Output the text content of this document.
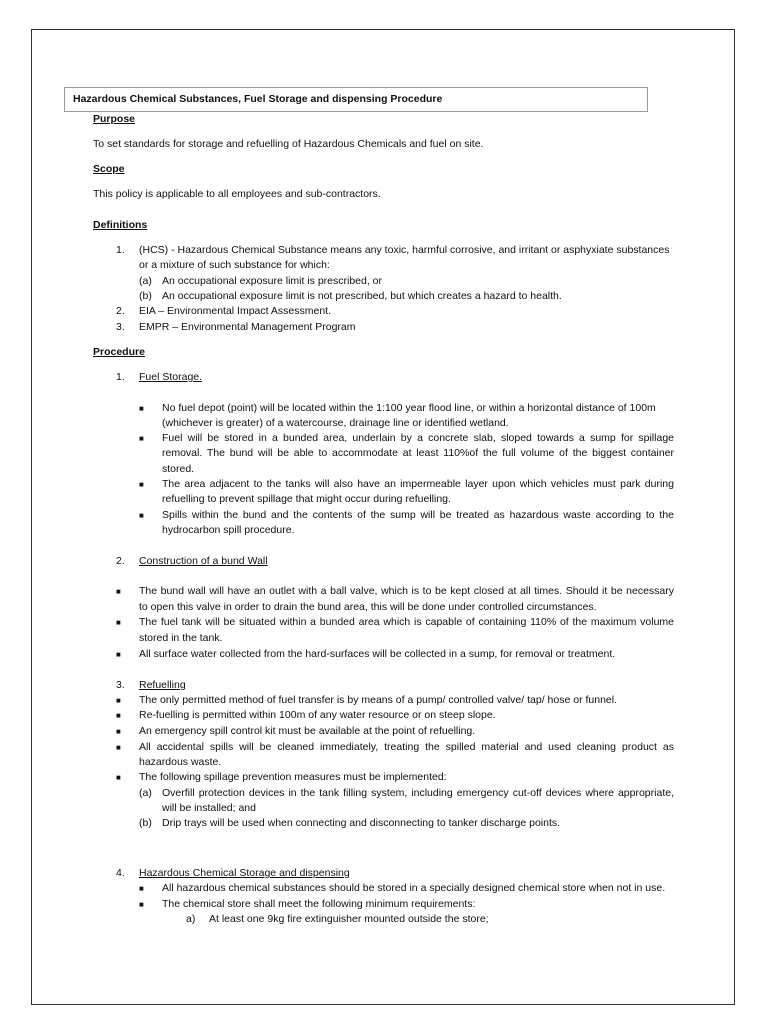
Hazardous Chemical Substances, Fuel Storage and dispensing Procedure
Purpose
To set standards for storage and refuelling of Hazardous Chemicals and fuel on site.
Scope
This policy is applicable to all employees and sub-contractors.
Definitions
1. (HCS) - Hazardous Chemical Substance means any toxic, harmful corrosive, and irritant or asphyxiate substances
or a mixture of such substance for which:
(a) An occupational exposure limit is prescribed, or
(b) An occupational exposure limit is not prescribed, but which creates a hazard to health.
2. EIA – Environmental Impact Assessment.
3. EMPR – Environmental Management Program
Procedure
1. Fuel Storage.
■ No fuel depot (point) will be located within the 1:100 year flood line, or within a horizontal distance of 100m
(whichever is greater) of a watercourse, drainage line or identified wetland.
■ Fuel will be stored in a bunded area, underlain by a concrete slab, sloped towards a sump for spillage
removal. The bund will be able to accommodate at least 110%of the full volume of the biggest container
stored.
■ The area adjacent to the tanks will also have an impermeable layer upon which vehicles must park during
refuelling to prevent spillage that might occur during refuelling.
■ Spills within the bund and the contents of the sump will be treated as hazardous waste according to the
hydrocarbon spill procedure.
2. Construction of a bund Wall
■ The bund wall will have an outlet with a ball valve, which is to be kept closed at all times. Should it be necessary
to open this valve in order to drain the bund area, this will be done under controlled circumstances.
■ The fuel tank will be situated within a bunded area which is capable of containing 110% of the maximum volume
stored in the tank.
■ All surface water collected from the hard-surfaces will be collected in a sump, for removal or treatment.
3. Refuelling
■ The only permitted method of fuel transfer is by means of a pump/ controlled valve/ tap/ hose or funnel.
■ Re-fuelling is permitted within 100m of any water resource or on steep slope.
■ An emergency spill control kit must be available at the point of refuelling.
■ All accidental spills will be cleaned immediately, treating the spilled material and used cleaning product as
hazardous waste.
■ The following spillage prevention measures must be implemented:
(a) Overfill protection devices in the tank filling system, including emergency cut-off devices where appropriate,
will be installed; and
(b) Drip trays will be used when connecting and disconnecting to tanker discharge points.
4. Hazardous Chemical Storage and dispensing
■ All hazardous chemical substances should be stored in a specially designed chemical store when not in use.
■ The chemical store shall meet the following minimum requirements:
a) At least one 9kg fire extinguisher mounted outside the store;
